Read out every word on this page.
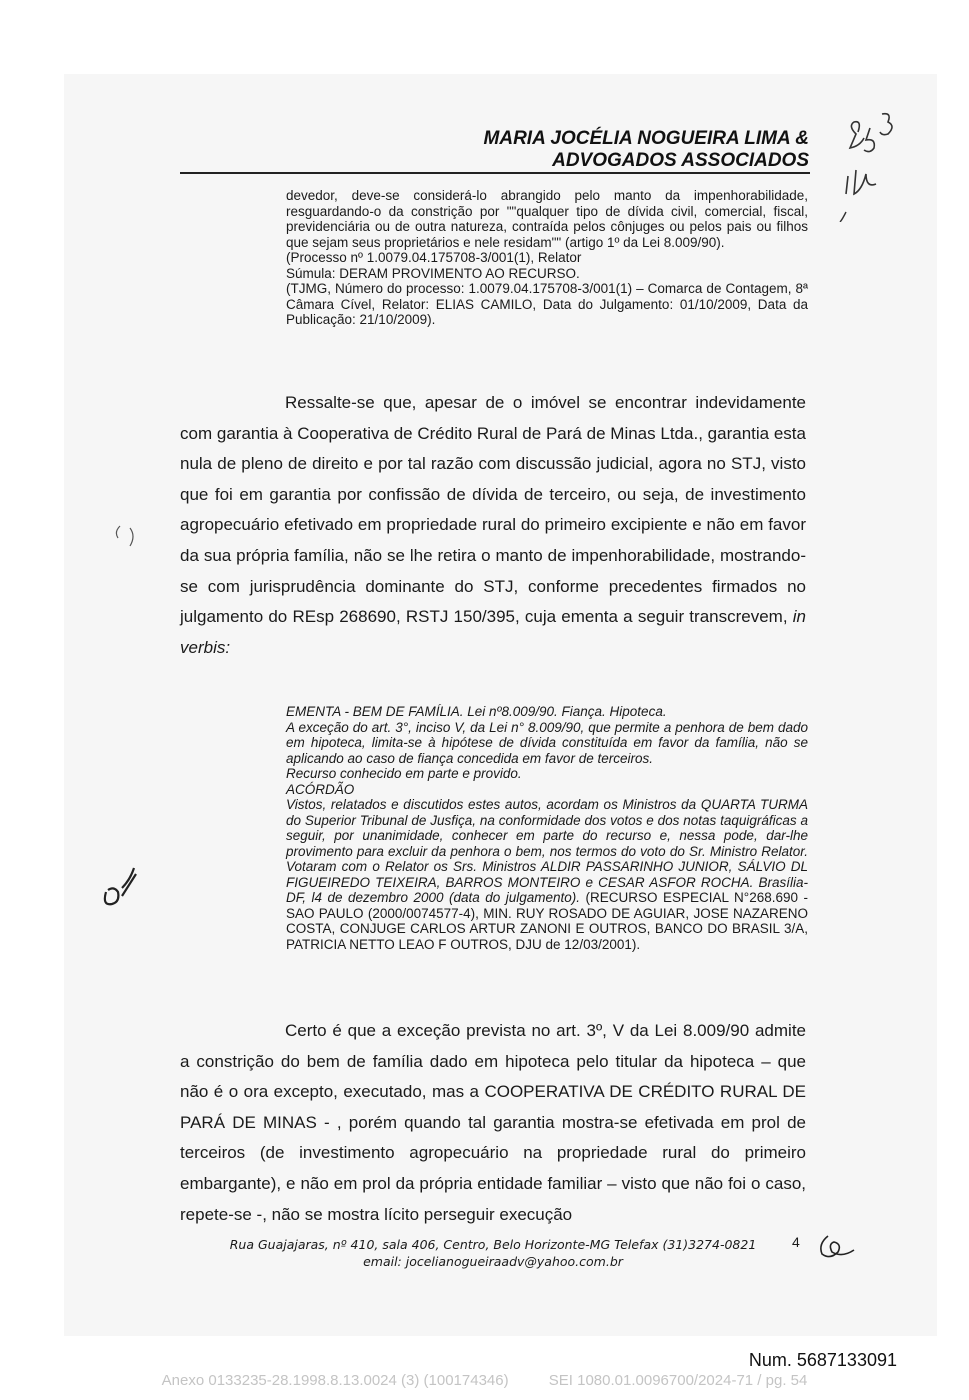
MARIA JOCÉLIA NOGUEIRA LIMA &
ADVOGADOS ASSOCIADOS

devedor, deve-se considerá-lo abrangido pelo manto da impenhorabilidade, resguardando-o da constrição por ""qualquer tipo de dívida civil, comercial, fiscal, previdenciária ou de outra natureza, contraída pelos cônjuges ou pelos pais ou filhos que sejam seus proprietários e nele residam"" (artigo 1º da Lei 8.009/90).

(Processo nº 1.0079.04.175708-3/001(1), Relator

Súmula: DERAM PROVIMENTO AO RECURSO.

(TJMG, Número do processo: 1.0079.04.175708-3/001(1) – Comarca de Contagem, 8ª Câmara Cível, Relator: ELIAS CAMILO, Data do Julgamento: 01/10/2009, Data da Publicação: 21/10/2009).

Ressalte-se que, apesar de o imóvel se encontrar indevidamente com garantia à Cooperativa de Crédito Rural de Pará de Minas Ltda., garantia esta nula de pleno de direito e por tal razão com discussão judicial, agora no STJ, visto que foi em garantia por confissão de dívida de terceiro, ou seja, de investimento agropecuário efetivado em propriedade rural do primeiro excipiente e não em favor da sua própria família, não se lhe retira o manto de impenhorabilidade, mostrando-se com jurisprudência dominante do STJ, conforme precedentes firmados no julgamento do REsp 268690, RSTJ 150/395, cuja ementa a seguir transcrevem, in verbis:

EMENTA - BEM DE FAMÍLIA. Lei nº8.009/90. Fiança. Hipoteca.

A exceção do art. 3°, inciso V, da Lei n° 8.009/90, que permite a penhora de bem dado em hipoteca, limita-se à hipótese de dívida constituída em favor da família, não se aplicando ao caso de fiança concedida em favor de terceiros.

Recurso conhecido em parte e provido.

ACÓRDÃO

Vistos, relatados e discutidos estes autos, acordam os Ministros da QUARTA TURMA do Superior Tribunal de Jusfiça, na conformidade dos votos e dos notas taquigráficas a seguir, por unanimidade, conhecer em parte do recurso e, nessa pode, dar-lhe provimento para excluir da penhora o bem, nos termos do voto do Sr. Ministro Relator. Votaram com o Relator os Srs. Ministros ALDIR PASSARINHO JUNIOR, SÁLVIO DL FIGUEIREDO TEIXEIRA, BARROS MONTEIRO e CESAR ASFOR ROCHA. Brasília-DF, l4 de dezembro 2000 (data do julgamento). (RECURSO ESPECIAL N°268.690 - SAO PAULO (2000/0074577-4), MIN. RUY ROSADO DE AGUIAR, JOSE NAZARENO COSTA, CONJUGE CARLOS ARTUR ZANONI E OUTROS, BANCO DO BRASIL 3/A, PATRICIA NETTO LEAO F OUTROS, DJU de 12/03/2001).

Certo é que a exceção prevista no art. 3º, V da Lei 8.009/90 admite a constrição do bem de família dado em hipoteca pelo titular da hipoteca – que não é o ora excepto, executado, mas a COOPERATIVA DE CRÉDITO RURAL DE PARÁ DE MINAS - , porém quando tal garantia mostra-se efetivada em prol de terceiros (de investimento agropecuário na propriedade rural do primeiro embargante), e não em prol da própria entidade familiar – visto que não foi o caso, repete-se -, não se mostra lícito perseguir execução

Rua Guajajaras, nº 410, sala 406, Centro, Belo Horizonte-MG Telefax (31)3274-0821
email: jocelianogueiraadv@yahoo.com.br
4
Num. 5687133091
Anexo 0133235-28.1998.8.13.0024 (3) (100174346)	SEI 1080.01.0096700/2024-71 / pg. 54
